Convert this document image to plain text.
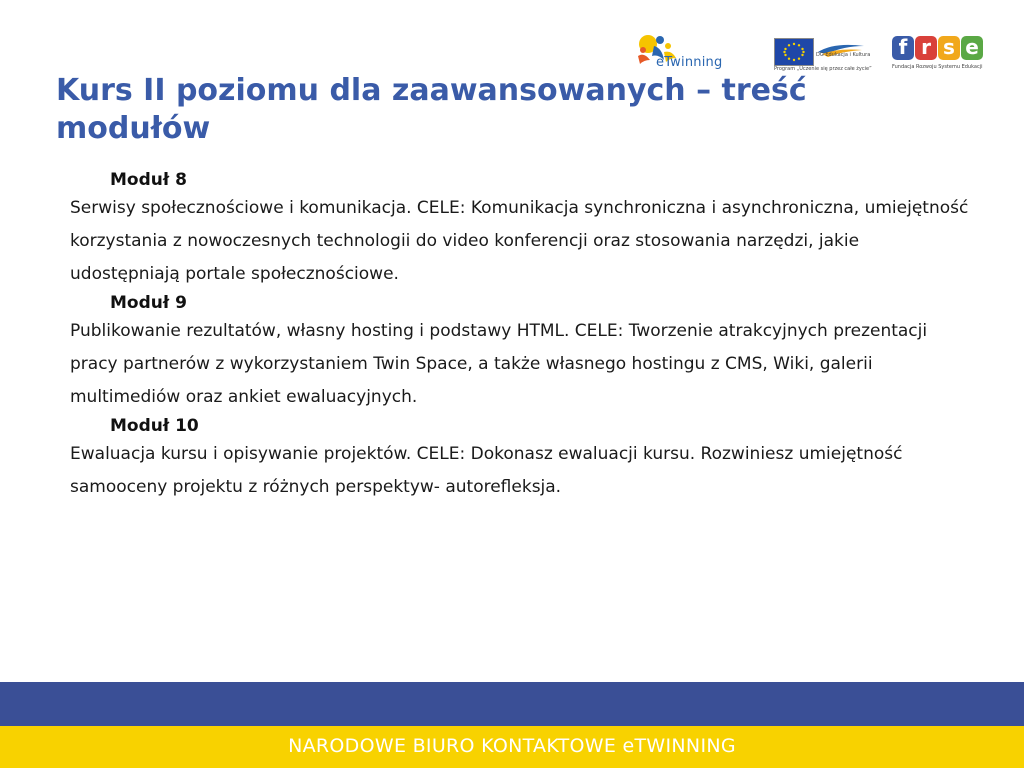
eTwinning	DG Edukacja i Kultura
Program „Uczenie się przez całe życie”
f r s e
Fundacja Rozwoju Systemu Edukacji
Kurs II poziomu dla zaawansowanych – treść modułów
Moduł 8

Serwisy społecznościowe i komunikacja. CELE: Komunikacja synchroniczna i asynchroniczna, umiejętność korzystania z nowoczesnych technologii do video konferencji oraz stosowania narzędzi, jakie udostępniają portale społecznościowe.

Moduł 9

Publikowanie rezultatów, własny hosting i podstawy HTML. CELE: Tworzenie atrakcyjnych prezentacji pracy partnerów z wykorzystaniem Twin Space, a także własnego hostingu z CMS, Wiki, galerii multimediów oraz ankiet ewaluacyjnych.

Moduł 10

Ewaluacja kursu i opisywanie projektów. CELE: Dokonasz ewaluacji kursu. Rozwiniesz umiejętność samooceny projektu z różnych perspektyw- autorefleksja.

NARODOWE BIURO KONTAKTOWE eTWINNING
